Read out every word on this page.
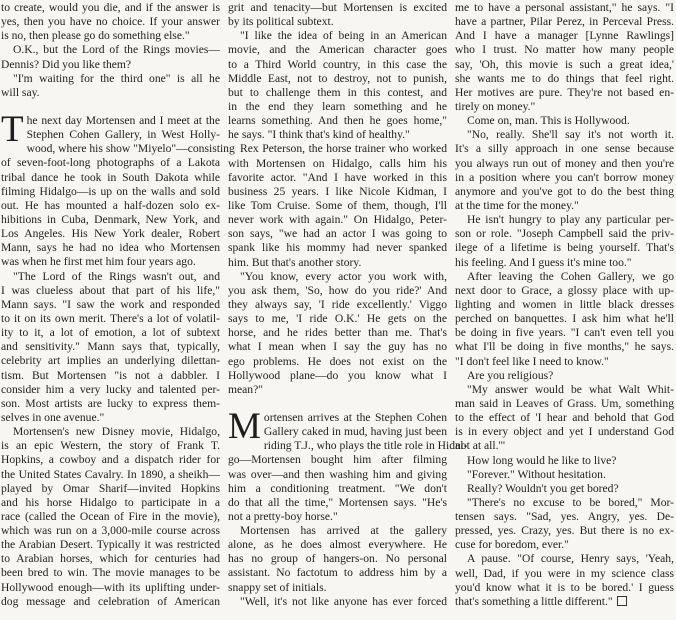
to create, would you die, and if the answer is
yes, then you have no choice. If your answer
is no, then please go do something else."
O.K., but the Lord of the Rings movies—
Dennis? Did you like them?
"I'm waiting for the third one" is all he
will say.
T he next day Mortensen and I meet at the
Stephen Cohen Gallery, in West Holly-
wood, where his show "Miyelo"—consisting
of seven-foot-long photographs of a Lakota
tribal dance he took in South Dakota while
filming Hidalgo—is up on the walls and sold
out. He has mounted a half-dozen solo ex-
hibitions in Cuba, Denmark, New York, and
Los Angeles. His New York dealer, Robert
Mann, says he had no idea who Mortensen
was when he first met him four years ago.
"The Lord of the Rings wasn't out, and
I was clueless about that part of his life,"
Mann says. "I saw the work and responded
to it on its own merit. There's a lot of volatil-
ity to it, a lot of emotion, a lot of subtext
and sensitivity." Mann says that, typically,
celebrity art implies an underlying dilettan-
tism. But Mortensen "is not a dabbler. I
consider him a very lucky and talented per-
son. Most artists are lucky to express them-
selves in one avenue."
Mortensen's new Disney movie, Hidalgo,
is an epic Western, the story of Frank T.
Hopkins, a cowboy and a dispatch rider for
the United States Cavalry. In 1890, a sheikh—
played by Omar Sharif—invited Hopkins
and his horse Hidalgo to participate in a
race (called the Ocean of Fire in the movie),
which was run on a 3,000-mile course across
the Arabian Desert. Typically it was restricted
to Arabian horses, which for centuries had
been bred to win. The movie manages to be
Hollywood enough—with its uplifting under-
dog message and celebration of American
grit and tenacity—but Mortensen is excited
by its political subtext.
"I like the idea of being in an American
movie, and the American character goes
to a Third World country, in this case the
Middle East, not to destroy, not to punish,
but to challenge them in this contest, and
in the end they learn something and he
learns something. And then he goes home,"
he says. "I think that's kind of healthy."
Rex Peterson, the horse trainer who worked
with Mortensen on Hidalgo, calls him his
favorite actor. "And I have worked in this
business 25 years. I like Nicole Kidman, I
like Tom Cruise. Some of them, though, I'll
never work with again." On Hidalgo, Peter-
son says, "we had an actor I was going to
spank like his mommy had never spanked
him. But that's another story.
"You know, every actor you work with,
you ask them, 'So, how do you ride?' And
they always say, 'I ride excellently.' Viggo
says to me, 'I ride O.K.' He gets on the
horse, and he rides better than me. That's
what I mean when I say the guy has no
ego problems. He does not exist on the
Hollywood plane—do you know what I
mean?"
M ortensen arrives at the Stephen Cohen
Gallery caked in mud, having just been
riding T.J., who plays the title role in Hidal-
go—Mortensen bought him after filming
was over—and then washing him and giving
him a conditioning treatment. "We don't
do that all the time," Mortensen says. "He's
not a pretty-boy horse."
Mortensen has arrived at the gallery
alone, as he does almost everywhere. He
has no group of hangers-on. No personal
assistant. No factotum to address him by a
snappy set of initials.
"Well, it's not like anyone has ever forced
me to have a personal assistant," he says. "I
have a partner, Pilar Perez, in Perceval Press.
And I have a manager [Lynne Rawlings]
who I trust. No matter how many people
say, 'Oh, this movie is such a great idea,'
she wants me to do things that feel right.
Her motives are pure. They're not based en-
tirely on money."
Come on, man. This is Hollywood.
"No, really. She'll say it's not worth it.
It's a silly approach in one sense because
you always run out of money and then you're
in a position where you can't borrow money
anymore and you've got to do the best thing
at the time for the money."
He isn't hungry to play any particular per-
son or role. "Joseph Campbell said the priv-
ilege of a lifetime is being yourself. That's
his feeling. And I guess it's mine too."
After leaving the Cohen Gallery, we go
next door to Grace, a glossy place with up-
lighting and women in little black dresses
perched on banquettes. I ask him what he'll
be doing in five years. "I can't even tell you
what I'll be doing in five months," he says.
"I don't feel like I need to know."
Are you religious?
"My answer would be what Walt Whit-
man said in Leaves of Grass. Um, something
to the effect of 'I hear and behold that God
is in every object and yet I understand God
not at all.'"
How long would he like to live?
"Forever." Without hesitation.
Really? Wouldn't you get bored?
"There's no excuse to be bored," Mor-
tensen says. "Sad, yes. Angry, yes. De-
pressed, yes. Crazy, yes. But there is no ex-
cuse for boredom, ever."
A pause. "Of course, Henry says, 'Yeah,
well, Dad, if you were in my science class
you'd know what it is to be bored.' I guess
that's something a little different."
